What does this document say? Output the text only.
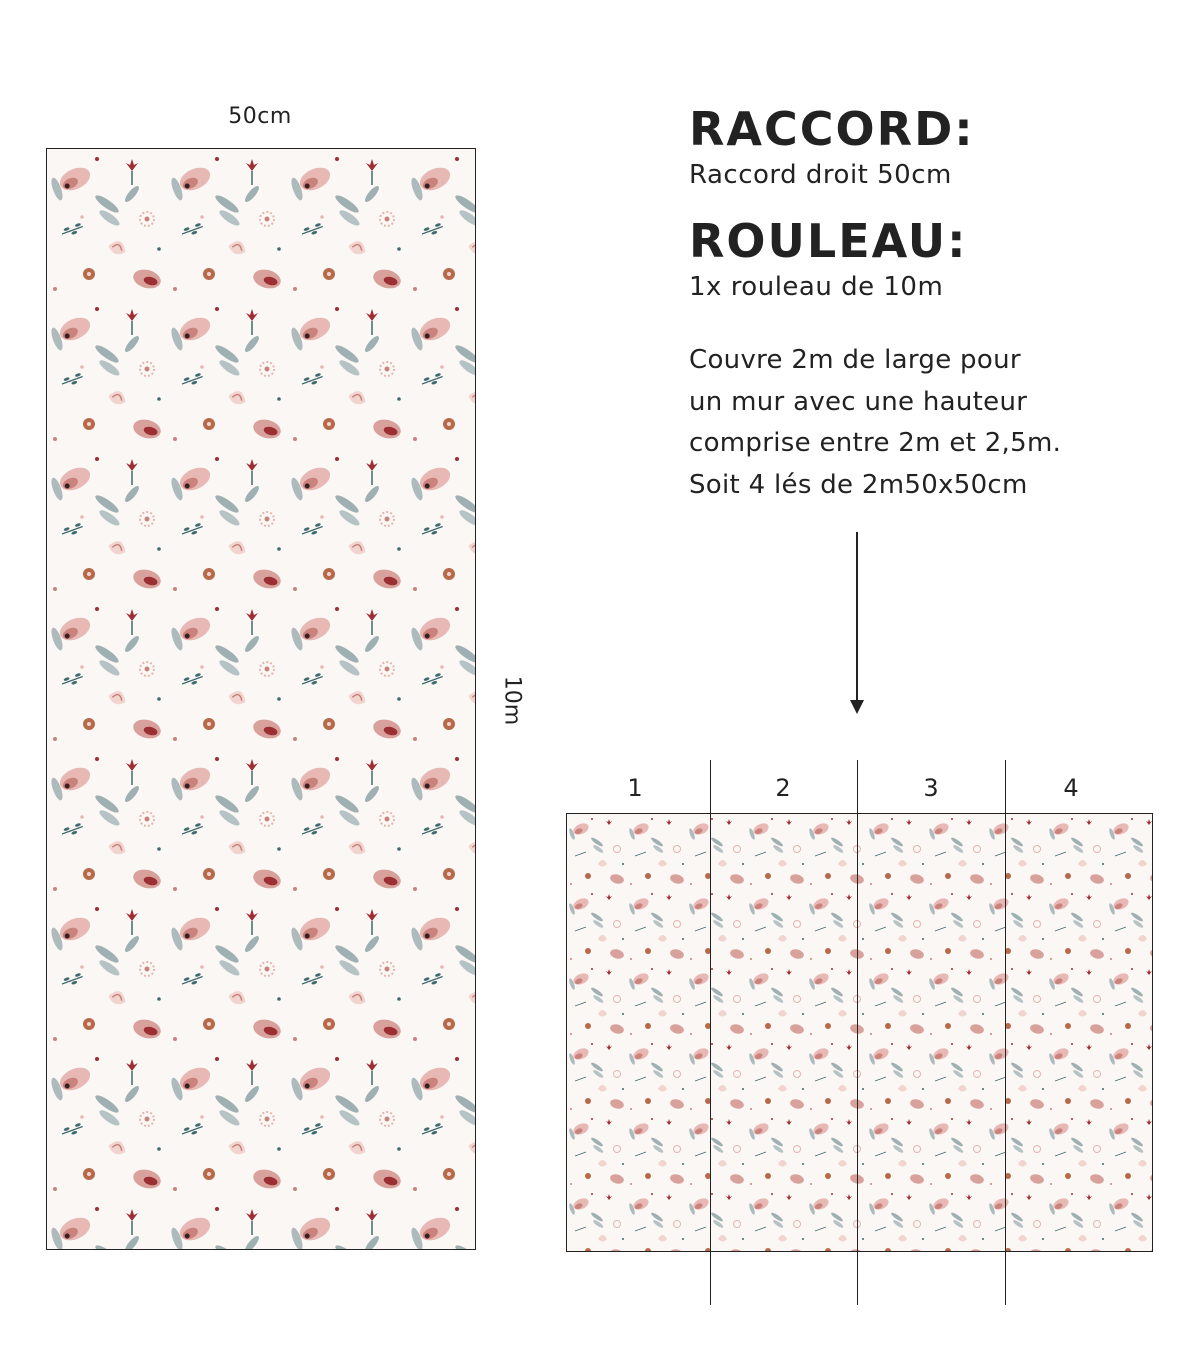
50cm
10m
RACCORD:
Raccord droit 50cm
ROULEAU:
1x rouleau de 10m
Couvre 2m de large pour
un mur avec une hauteur
comprise entre 2m et 2,5m.
Soit 4 lés de 2m50x50cm
1	2	3	4
